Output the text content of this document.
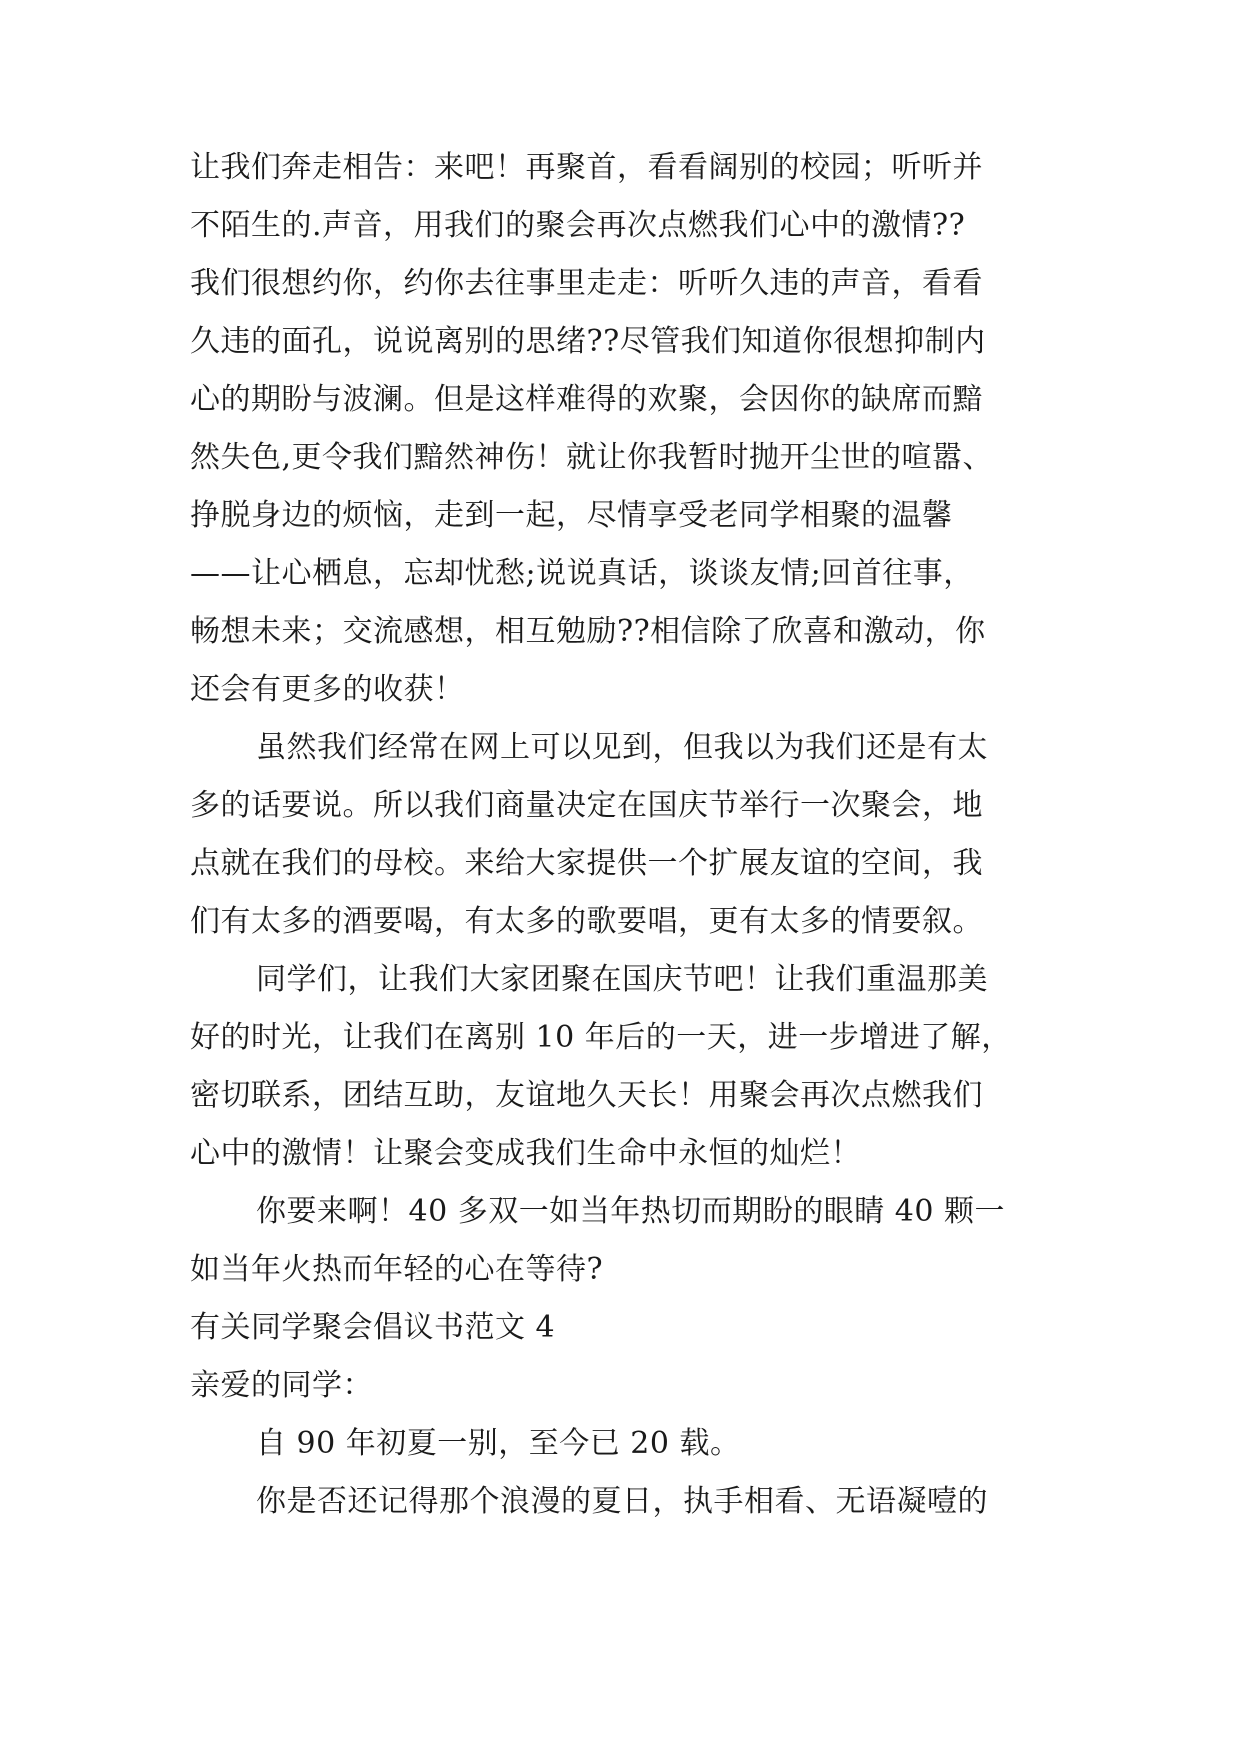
让我们奔走相告：来吧！再聚首，看看阔别的校园；听听并
不陌生的.声音，用我们的聚会再次点燃我们心中的激情??
我们很想约你，约你去往事里走走：听听久违的声音，看看
久违的面孔，说说离别的思绪??尽管我们知道你很想抑制内
心的期盼与波澜。但是这样难得的欢聚，会因你的缺席而黯
然失色,更令我们黯然神伤！就让你我暂时抛开尘世的喧嚣、
挣脱身边的烦恼，走到一起，尽情享受老同学相聚的温馨
——让心栖息，忘却忧愁;说说真话，谈谈友情;回首往事，
畅想未来；交流感想，相互勉励??相信除了欣喜和激动，你
还会有更多的收获！
虽然我们经常在网上可以见到，但我以为我们还是有太
多的话要说。所以我们商量决定在国庆节举行一次聚会，地
点就在我们的母校。来给大家提供一个扩展友谊的空间，我
们有太多的酒要喝，有太多的歌要唱，更有太多的情要叙。
同学们，让我们大家团聚在国庆节吧！让我们重温那美
好的时光，让我们在离别 10 年后的一天，进一步增进了解，
密切联系，团结互助，友谊地久天长！用聚会再次点燃我们
心中的激情！让聚会变成我们生命中永恒的灿烂！
你要来啊！40 多双一如当年热切而期盼的眼睛 40 颗一
如当年火热而年轻的心在等待?
有关同学聚会倡议书范文 4
亲爱的同学：
自 90 年初夏一别，至今已 20 载。
你是否还记得那个浪漫的夏日，执手相看、无语凝噎的
